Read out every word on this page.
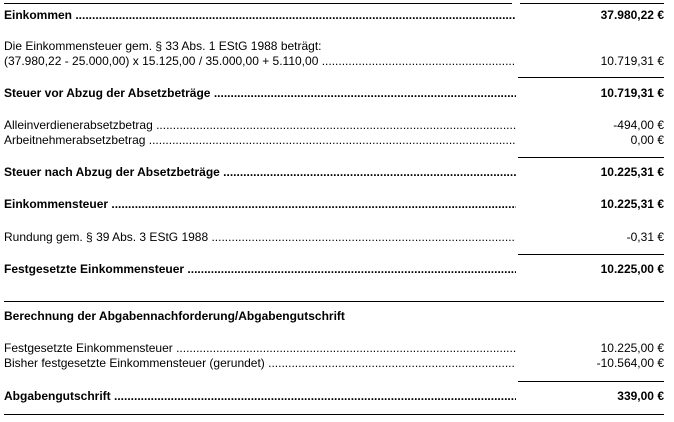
Einkommen .....	37.980,22 €
Die Einkommensteuer gem. § 33 Abs. 1 EStG 1988 beträgt:
(37.980,22 - 25.000,00) x 15.125,00 / 35.000,00 + 5.110,00 .....	10.719,31 €
Steuer vor Abzug der Absetzbeträge .....	10.719,31 €
Alleinverdienerabsetzbetrag .....	-494,00 €
Arbeitnehmerabsetzbetrag .....	0,00 €
Steuer nach Abzug der Absetzbeträge .....	10.225,31 €
Einkommensteuer .....	10.225,31 €
Rundung gem. § 39 Abs. 3 EStG 1988 .....	-0,31 €
Festgesetzte Einkommensteuer .....	10.225,00 €
Berechnung der Abgabennachforderung/Abgabengutschrift
Festgesetzte Einkommensteuer .....	10.225,00 €
Bisher festgesetzte Einkommensteuer (gerundet) .....	-10.564,00 €
Abgabengutschrift .....	339,00 €
